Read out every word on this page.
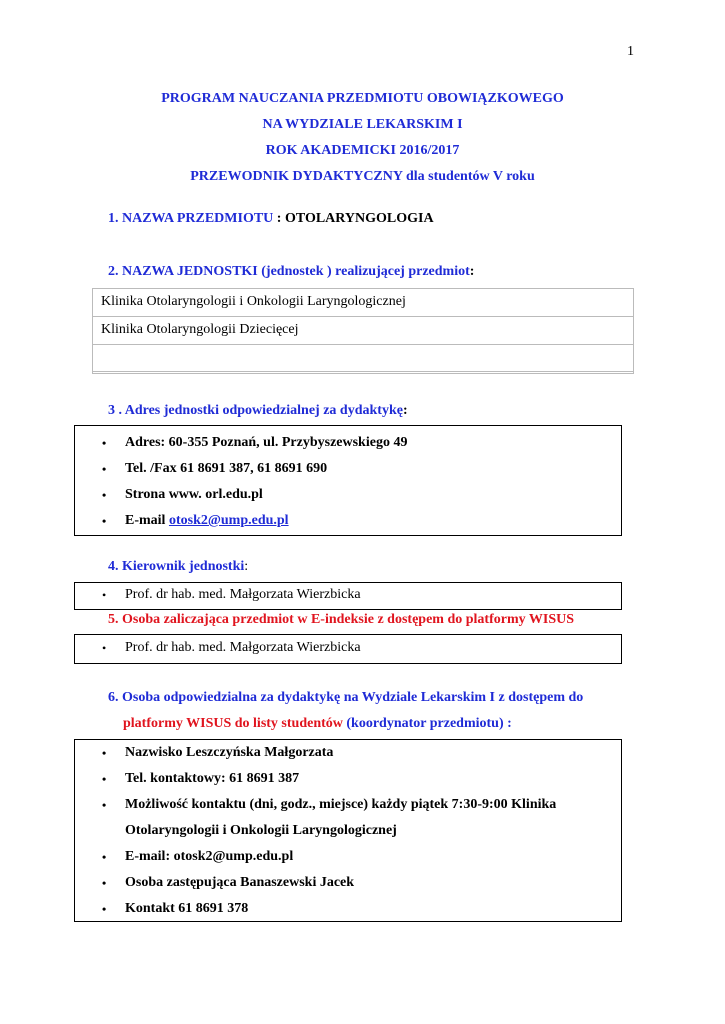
1
PROGRAM NAUCZANIA PRZEDMIOTU OBOWIĄZKOWEGO
NA WYDZIALE LEKARSKIM I
ROK AKADEMICKI 2016/2017
PRZEWODNIK DYDAKTYCZNY dla studentów V roku
1. NAZWA PRZEDMIOTU : OTOLARYNGOLOGIA
2. NAZWA JEDNOSTKI (jednostek ) realizującej przedmiot:
Klinika Otolaryngologii i Onkologii Laryngologicznej
Klinika Otolaryngologii Dziecięcej
3 . Adres jednostki odpowiedzialnej za dydaktykę:
• Adres: 60-355 Poznań, ul. Przybyszewskiego 49
• Tel. /Fax 61 8691 387, 61 8691 690
• Strona www. orl.edu.pl
• E-mail otosk2@ump.edu.pl
4. Kierownik jednostki:
• Prof. dr hab. med. Małgorzata Wierzbicka
5. Osoba zaliczająca przedmiot w E-indeksie z dostępem do platformy WISUS
• Prof. dr hab. med. Małgorzata Wierzbicka
6. Osoba odpowiedzialna za dydaktykę na Wydziale Lekarskim I z dostępem do
platformy WISUS do listy studentów (koordynator przedmiotu) :
• Nazwisko Leszczyńska Małgorzata
• Tel. kontaktowy: 61 8691 387
• Możliwość kontaktu (dni, godz., miejsce) każdy piątek 7:30-9:00 Klinika
Otolaryngologii i Onkologii Laryngologicznej
• E-mail: otosk2@ump.edu.pl
• Osoba zastępująca Banaszewski Jacek
• Kontakt 61 8691 378
